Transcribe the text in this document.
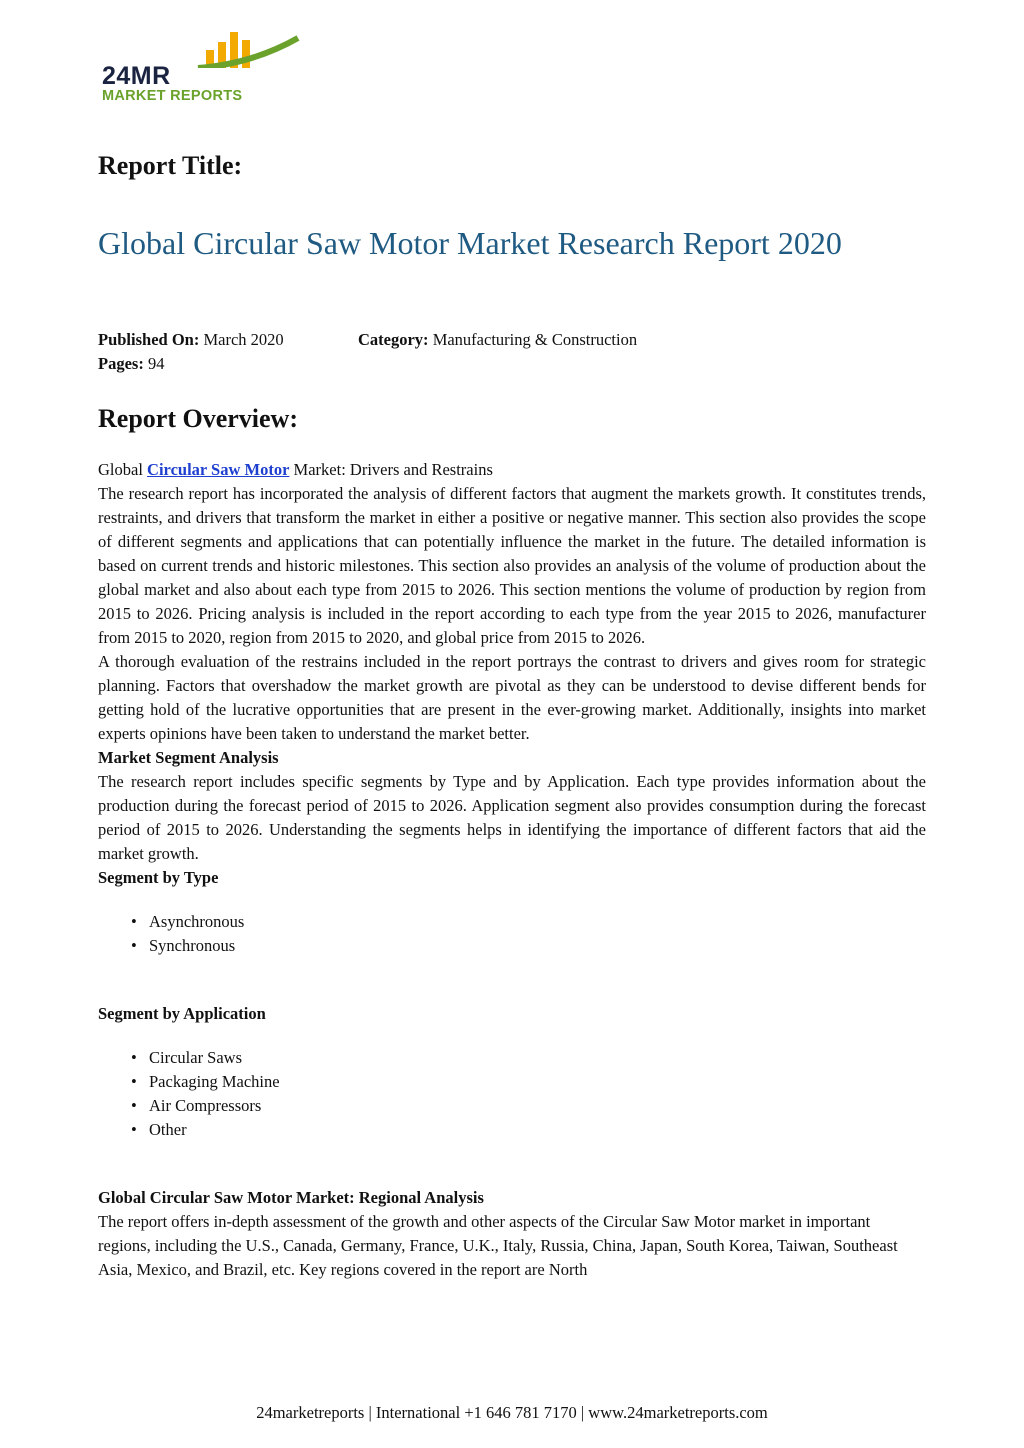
24MR
MARKET REPORTS
Report Title:
Global Circular Saw Motor Market Research Report 2020
Published On: March 2020	Category: Manufacturing & Construction
Pages: 94
Report Overview:

Global Circular Saw Motor Market: Drivers and Restrains

The research report has incorporated the analysis of different factors that augment the markets growth. It constitutes trends, restraints, and drivers that transform the market in either a positive or negative manner. This section also provides the scope of different segments and applications that can potentially influence the market in the future. The detailed information is based on current trends and historic milestones. This section also provides an analysis of the volume of production about the global market and also about each type from 2015 to 2026. This section mentions the volume of production by region from 2015 to 2026. Pricing analysis is included in the report according to each type from the year 2015 to 2026, manufacturer from 2015 to 2020, region from 2015 to 2020, and global price from 2015 to 2026.

A thorough evaluation of the restrains included in the report portrays the contrast to drivers and gives room for strategic planning. Factors that overshadow the market growth are pivotal as they can be understood to devise different bends for getting hold of the lucrative opportunities that are present in the ever-growing market. Additionally, insights into market experts opinions have been taken to understand the market better.

Market Segment Analysis

The research report includes specific segments by Type and by Application. Each type provides information about the production during the forecast period of 2015 to 2026. Application segment also provides consumption during the forecast period of 2015 to 2026. Understanding the segments helps in identifying the importance of different factors that aid the market growth.

Segment by Type

• Asynchronous
• Synchronous

Segment by Application

• Circular Saws
• Packaging Machine
• Air Compressors
• Other

Global Circular Saw Motor Market: Regional Analysis

The report offers in-depth assessment of the growth and other aspects of the Circular Saw Motor market in important regions, including the U.S., Canada, Germany, France, U.K., Italy, Russia, China, Japan, South Korea, Taiwan, Southeast Asia, Mexico, and Brazil, etc. Key regions covered in the report are North

24marketreports | International +1 646 781 7170 | www.24marketreports.com
